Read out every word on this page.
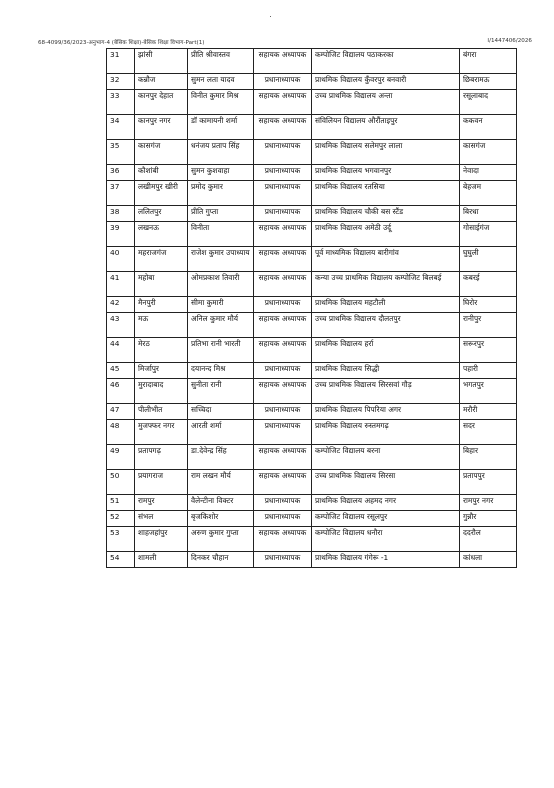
68-4099/36/2023-अनुभाग-4 (बेसिक शिक्षा)-बेसिक शिक्षा विभाग-Part(1)	I/1447406/2026
31	झांसी	प्रीति श्रीवास्तव	सहायक अध्यापक	कम्पोजिट विद्यालय पठाकरका	बंगरा
32	कन्नौज	सुमन लता यादव	प्रधानाध्यापक	प्राथमिक विद्यालय कुँवरपुर बनवारी	छिबरामऊ
33	कानपुर देहात	विनीत कुमार मिश्र	सहायक अध्यापक	उच्च प्राथमिक विद्यालय अन्ता	रसूलाबाद
34	कानपुर नगर	डॉ कामायनी शर्मा	सहायक अध्यापक	संविलियन विद्यालय औरौंताइपुर	ककवन
35	कासगंज	धनंजय प्रताप सिंह	प्रधानाध्यापक	प्राथमिक विद्यालय सलेमपुर लाला	कासगंज
36	कौशांबी	सुमन कुशवाहा	प्रधानाध्यापक	प्राथमिक विद्यालय भगवानपुर	नेवादा
37	लखीमपुर खीरी	प्रमोद कुमार	प्रधानाध्यापक	प्राथमिक विद्यालय रतसिया	बेहजम
38	ललितपुर	प्रीति गुप्ता	प्रधानाध्यापक	प्राथमिक विद्यालय चौकी बस स्टैंड	बिरधा
39	लखनऊ	विनीता	सहायक अध्यापक	प्राथमिक विद्यालय अमेठी उर्दू	गोसाईगंज
40	महराजगंज	राजेश कुमार उपाध्याय	सहायक अध्यापक	पूर्व माध्यमिक विद्यालय बारीगांव	घुघुली
41	महोबा	ओमप्रकाश तिवारी	सहायक अध्यापक	कन्या उच्च प्राथमिक विद्यालय कम्पोजिट बिलबई	कबरई
42	मैनपुरी	सीमा कुमारी	प्रधानाध्यापक	प्राथमिक विद्यालय महटौली	घिरोर
43	मऊ	अनिल कुमार मौर्य	सहायक अध्यापक	उच्च प्राथमिक विद्यालय दौलतपुर	रानीपुर
44	मेरठ	प्रतिभा रानी भारती	सहायक अध्यापक	प्राथमिक विद्यालय हर्रा	सरूरपुर
45	मिर्जापुर	दयानन्द मिश्र	प्रधानाध्यापक	प्राथमिक विद्यालय सिद्धी	पहारी
46	मुरादाबाद	सुनीता रानी	सहायक अध्यापक	उच्च प्राथमिक विद्यालय सिरसवां गौड़	भगतपुर
47	पीलीभीत	सच्चिदा	प्रधानाध्यापक	प्राथमिक विद्यालय पिपरिया अगर	मरौरी
48	मुजफ्फर नगर	आरती शर्मा	प्रधानाध्यापक	प्राथमिक विद्यालय रुस्तमगढ़	सदर
49	प्रतापगढ़	डा.देवेन्द्र सिंह	सहायक अध्यापक	कम्पोजिट विद्यालय बरना	बिहार
50	प्रयागराज	राम लखन मौर्य	सहायक अध्यापक	उच्च प्राथमिक विद्यालय सिरसा	प्रतापपुर
51	रामपुर	वैलेन्टीना विक्टर	प्रधानाध्यापक	प्राथमिक विद्यालय अहमद नगर	रामपुर नगर
52	संभल	बृजकिशोर	प्रधानाध्यापक	कम्पोजिट विद्यालय रसूलपुर	गुन्नौर
53	शाहजहांपुर	अरुण कुमार गुप्ता	सहायक अध्यापक	कम्पोजिट विद्यालय धनौरा	ददरौल
54	शामली	दिनकर चौहान	प्रधानाध्यापक	प्राथमिक विद्यालय गंगेरू -1	कांधला
